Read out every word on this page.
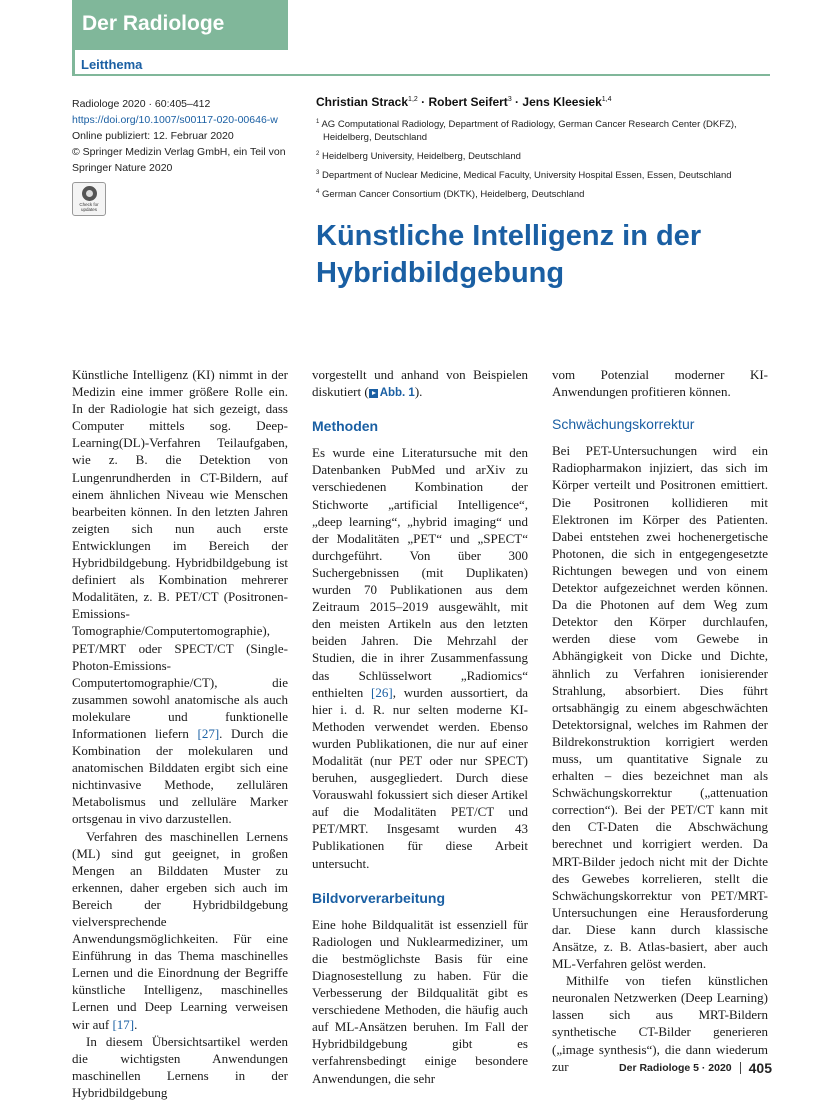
Der Radiologe
Leitthema
Radiologe 2020 · 60:405–412
https://doi.org/10.1007/s00117-020-00646-w
Online publiziert: 12. Februar 2020
© Springer Medizin Verlag GmbH, ein Teil von Springer Nature 2020
Check for updates
Christian Strack$^{1,2}$ · Robert Seifert$^3$ · Jens Kleesiek$^{1,4}$
$^1$ AG Computational Radiology, Department of Radiology, German Cancer Research Center (DKFZ), Heidelberg, Deutschland
$^2$ Heidelberg University, Heidelberg, Deutschland
$^3$ Department of Nuclear Medicine, Medical Faculty, University Hospital Essen, Essen, Deutschland
$^4$ German Cancer Consortium (DKTK), Heidelberg, Deutschland
Künstliche Intelligenz in der Hybridbildgebung

Künstliche Intelligenz (KI) nimmt in der Medizin eine immer größere Rolle ein. In der Radiologie hat sich gezeigt, dass Computer mittels sog. Deep-Learning(DL)-Verfahren Teilaufgaben, wie z. B. die Detektion von Lungenrundherden in CT-Bildern, auf einem ähnlichen Niveau wie Menschen bearbeiten können. In den letzten Jahren zeigten sich nun auch erste Entwicklungen im Bereich der Hybridbildgebung. Hybridbildgebung ist definiert als Kombination mehrerer Modalitäten, z. B. PET/CT (Positronen-Emissions-Tomographie/Computertomographie), PET/MRT oder SPECT/CT (Single-Photon-Emissions-Computertomographie/CT), die zusammen sowohl anatomische als auch molekulare und funktionelle Informationen liefern [27]. Durch die Kombination der molekularen und anatomischen Bilddaten ergibt sich eine nichtinvasive Methode, zellulären Metabolismus und zelluläre Marker ortsgenau in vivo darzustellen.

Verfahren des maschinellen Lernens (ML) sind gut geeignet, in großen Mengen an Bilddaten Muster zu erkennen, daher ergeben sich auch im Bereich der Hybridbildgebung vielversprechende Anwendungsmöglichkeiten. Für eine Einführung in das Thema maschinelles Lernen und die Einordnung der Begriffe künstliche Intelligenz, maschinelles Lernen und Deep Learning verweisen wir auf [17].

In diesem Übersichtsartikel werden die wichtigsten Anwendungen maschinellen Lernens in der Hybridbildgebung

vorgestellt und anhand von Beispielen diskutiert ( Abb. 1).

Methoden

Es wurde eine Literatursuche mit den Datenbanken PubMed und arXiv zu verschiedenen Kombination der Stichworte „artificial Intelligence“, „deep learning“, „hybrid imaging“ und der Modalitäten „PET“ und „SPECT“ durchgeführt. Von über 300 Suchergebnissen (mit Duplikaten) wurden 70 Publikationen aus dem Zeitraum 2015–2019 ausgewählt, mit den meisten Artikeln aus den letzten beiden Jahren. Die Mehrzahl der Studien, die in ihrer Zusammenfassung das Schlüsselwort „Radiomics“ enthielten [26], wurden aussortiert, da hier i. d. R. nur selten moderne KI-Methoden verwendet werden. Ebenso wurden Publikationen, die nur auf einer Modalität (nur PET oder nur SPECT) beruhen, ausgegliedert. Durch diese Vorauswahl fokussiert sich dieser Artikel auf die Modalitäten PET/CT und PET/MRT. Insgesamt wurden 43 Publikationen für diese Arbeit untersucht.

Bildvorverarbeitung

Eine hohe Bildqualität ist essenziell für Radiologen und Nuklearmediziner, um die bestmöglichste Basis für eine Diagnosestellung zu haben. Für die Verbesserung der Bildqualität gibt es verschiedene Methoden, die häufig auch auf ML-Ansätzen beruhen. Im Fall der Hybridbildgebung gibt es verfahrensbedingt einige besondere Anwendungen, die sehr

vom Potenzial moderner KI-Anwendungen profitieren können.

Schwächungskorrektur

Bei PET-Untersuchungen wird ein Radiopharmakon injiziert, das sich im Körper verteilt und Positronen emittiert. Die Positronen kollidieren mit Elektronen im Körper des Patienten. Dabei entstehen zwei hochenergetische Photonen, die sich in entgegengesetzte Richtungen bewegen und von einem Detektor aufgezeichnet werden können. Da die Photonen auf dem Weg zum Detektor den Körper durchlaufen, werden diese vom Gewebe in Abhängigkeit von Dicke und Dichte, ähnlich zu Verfahren ionisierender Strahlung, absorbiert. Dies führt ortsabhängig zu einem abgeschwächten Detektorsignal, welches im Rahmen der Bildrekonstruktion korrigiert werden muss, um quantitative Signale zu erhalten – dies bezeichnet man als Schwächungskorrektur („attenuation correction“). Bei der PET/CT kann mit den CT-Daten die Abschwächung berechnet und korrigiert werden. Da MRT-Bilder jedoch nicht mit der Dichte des Gewebes korrelieren, stellt die Schwächungskorrektur von PET/MRT-Untersuchungen eine Herausforderung dar. Diese kann durch klassische Ansätze, z. B. Atlas-basiert, aber auch ML-Verfahren gelöst werden.

Mithilfe von tiefen künstlichen neuronalen Netzwerken (Deep Learning) lassen sich aus MRT-Bildern synthetische CT-Bilder generieren („image synthesis“), die dann wiederum zur	Der Radiologe 5 · 2020	405
